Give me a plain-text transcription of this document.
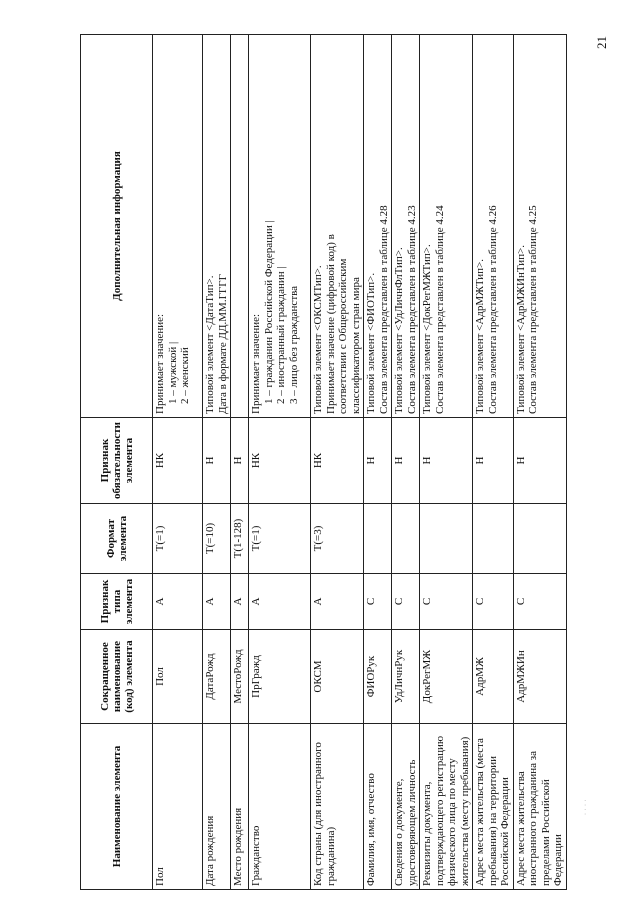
21
Наименование элемента	Сокращенное наименование (код) элемента	Признак типа элемента	Формат элемента	Признак обязательности элемента	Дополнительная информация
Пол	Пол	А	Т(=1)	НК	Принимает значение: 1 – мужской | 2 – женский

Дата рождения	ДатаРожд	А	Т(=10)	Н	Типовой элемент <ДатаТип>. Дата в формате ДД.ММ.ГГГГ

Место рождения	МестоРожд	А	Т(1-128)	Н	

Гражданство	ПрГражд	А	Т(=1)	НК	Принимает значение: 1 – гражданин Российской Федерации | 2 – иностранный гражданин | 3 – лицо без гражданства

Код страны (для иностранного гражданина)	ОКСМ	А	Т(=3)	НК	Типовой элемент <ОКСМТип>. Принимает значение (цифровой код) в соответствии с Общероссийским классификатором стран мира

Фамилия, имя, отчество	ФИОРук	С		Н	Типовой элемент <ФИОТип>. Состав элемента представлен в таблице 4.28

Сведения о документе, удостоверяющем личность	УдЛичнРук	С		Н	Типовой элемент <УдЛичнФлТип>. Состав элемента представлен в таблице 4.23

Реквизиты документа, подтверждающего регистрацию физического лица по месту жительства (месту пребывания)	ДокРегМЖ	С		Н	Типовой элемент <ДокРегМЖТип>. Состав элемента представлен в таблице 4.24

Адрес места жительства (места пребывания) на территории Российской Федерации	АдрМЖ	С		Н	Типовой элемент <АдрМЖТип>. Состав элемента представлен в таблице 4.26

Адрес места жительства иностранного гражданина за пределами Российской Федерации	АдрМЖИн	С		Н	Типовой элемент <АдрМЖИнТип>. Состав элемента представлен в таблице 4.25
· · · ·
